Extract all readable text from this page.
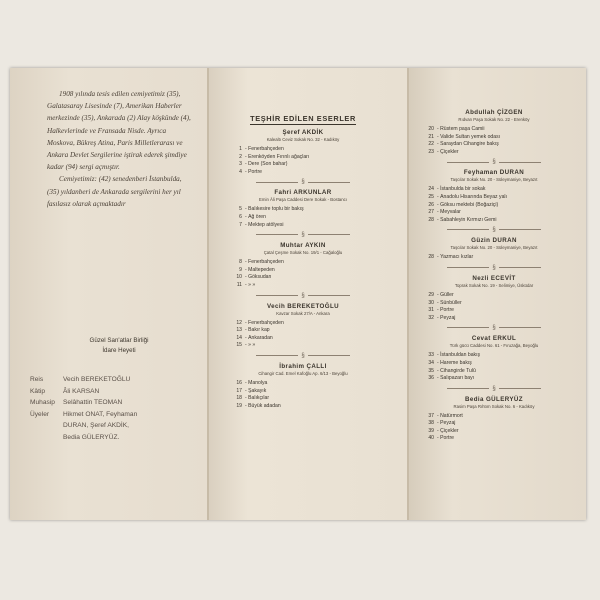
1908 yılında tesis edilen cemiyetimiz (35), Galatasaray Lisesinde (7), Amerikan Haberler merkezinde (35), Ankarada (2) Alay köşkünde (4), Halkevlerinde ve Fransada Nisde. Ayrıca Moskova, Bükreş Atina, Paris Milletlerarası ve Ankara Devlet Sergilerine iştirak ederek şimdiye kadar (94) sergi açmıştır.

Cemiyetimiz: (42) senedenberi İstanbulda, (35) yıldanberi de Ankarada sergilerini her yıl fasılasız olarak açmaktadır

Güzel San'atlar Birliği
İdare Heyeti
Reis	Vecih BEREKETOĞLU
Kâtip	Âli KARSAN
Muhasip	Selâhattin TEOMAN
Üyeler	Hikmet ONAT, Feyhaman
DURAN, Şeref AKDİK,
Bedia GÜLERYÜZ.
TEŞHİR EDİLEN ESERLER
Şeref AKDİK
Kalealtı Ceviz Sokak No. 32 - Kadıköy
1 - Fenerbahçeden
2 - Erenköyden Fırınlı ağaçları
3 - Dere (Son bahar)
4 - Portre
§
Fahri ARKUNLAR
Emin Âli Paşa Caddesi Dere Sokak - Bostancı
5 - Balıkesire toplu bir bakış
6 - Ağ ören
7 - Mektep atölyesi
§
Muhtar AYKIN
Çatal Çeşme Sokak No. 19/1 - Cağaloğlu
8 - Fenerbahçeden
9 - Maltepeden
10 - Göksudan
11 - » »
§
Vecih BEREKETOĞLU
Kavzar Sokak 27/A - Ankara
12 - Fenerbahçeden
13 - Bakır kap
14 - Ankaradan
15 - » »
§
İbrahim ÇALLI
Cihangir Cad. Emel Kafoğlu Ap. 6/13 - Beyoğlu
16 - Manolya
17 - Şakayık
18 - Balıkçılar
19 - Büyük adadan
Abdullah ÇİZGEN
Rıdvan Paşa Sokak No. 22 - Erenköy
20 - Rüstem paşa Camii
21 - Valide Sultan yemek odası
22 - Saraydan Cihangire bakış
23 - Çiçekler
§
Feyhaman DURAN
Taşcılar Sokak No. 20 - Süleymaniye, Beyazıt
24 - İstanbulda bir sokak
25 - Anadolu Hisarında Beyaz yalı
26 - Göksu mektebi (Boğaziçi)
27 - Meyvalar
28 - Sabahleyin Kırmızı Gemi
§
Güzin DURAN
Taşcılar Sokak No. 20 - Süleymaniye, Beyazıt
28 - Yazmacı kızlar
§
Nezli ECEVİT
Toprak Sokak No. 19 - Selimiye, Üsküdar
29 - Güller
30 - Sünbüller
31 - Portre
32 - Peyzaj
§
Cevat ERKUL
Türk gücü Caddesi No. 61 - Fıruzağa, Beyoğlu
33 - İstanbuldan bakış
34 - Hareme bakış
35 - Cihangirde Tulû
36 - Salıpazarı bayı
§
Bedia GÜLERYÜZ
Rasim Paşa Rıhtım Sokak No. 6 - Kadıköy
37 - Natürmort
38 - Peyzaj
39 - Çiçekler
40 - Portre
